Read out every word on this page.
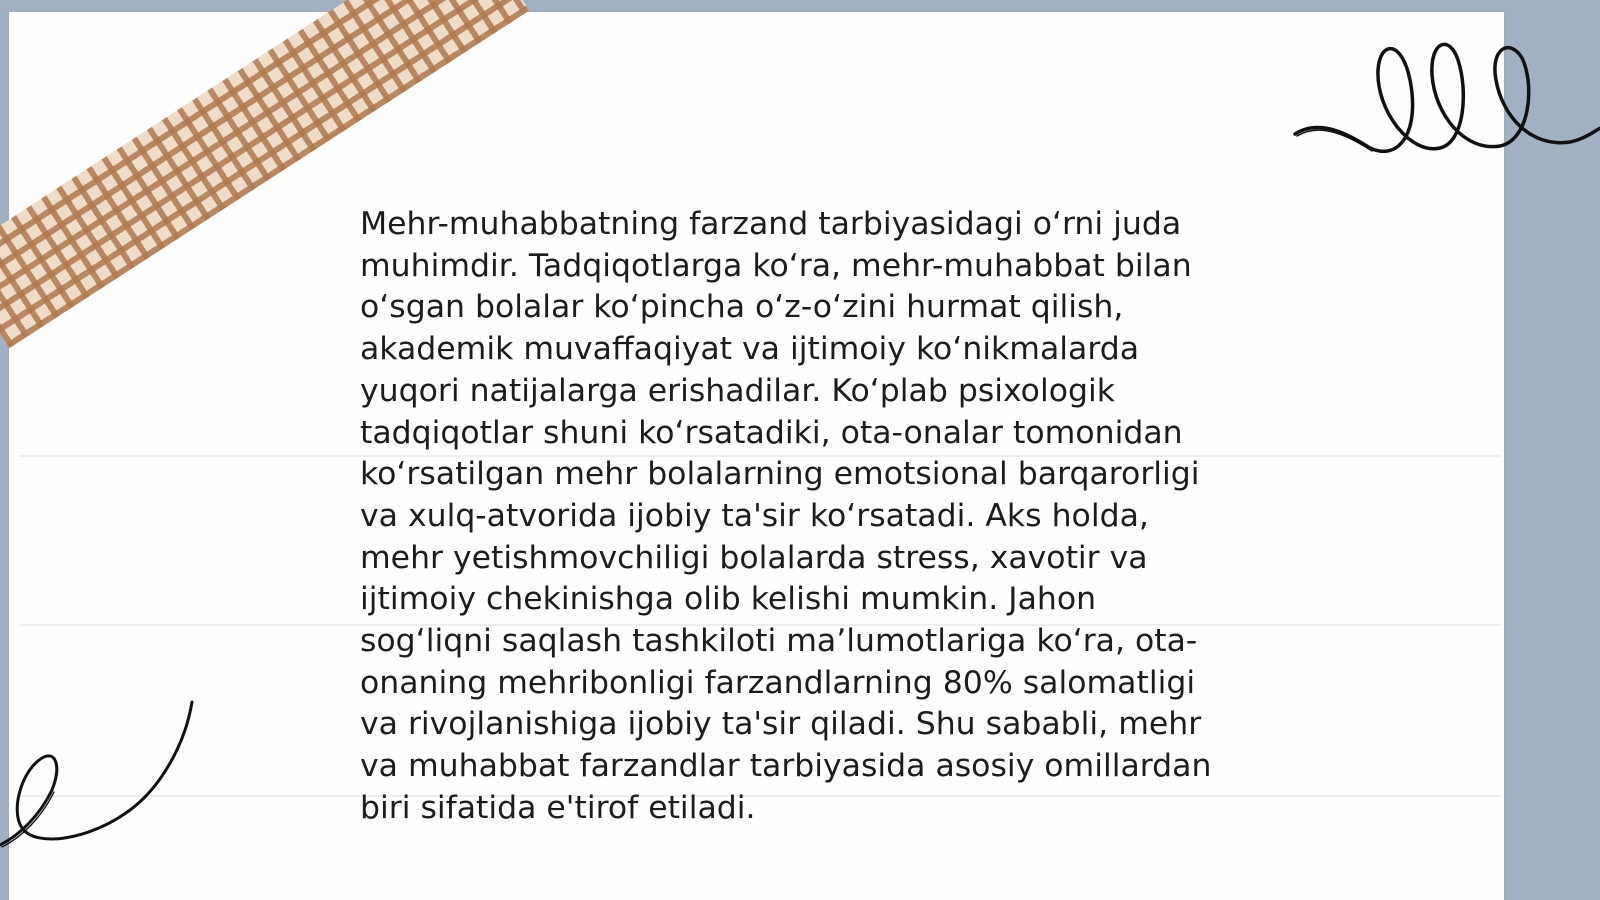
Mehr-muhabbatning farzand tarbiyasidagi o‘rni juda
muhimdir. Tadqiqotlarga ko‘ra, mehr-muhabbat bilan
o‘sgan bolalar ko‘pincha o‘z-o‘zini hurmat qilish,
akademik muvaffaqiyat va ijtimoiy ko‘nikmalarda
yuqori natijalarga erishadilar. Ko‘plab psixologik
tadqiqotlar shuni ko‘rsatadiki, ota-onalar tomonidan
ko‘rsatilgan mehr bolalarning emotsional barqarorligi
va xulq-atvorida ijobiy ta'sir ko‘rsatadi. Aks holda,
mehr yetishmovchiligi bolalarda stress, xavotir va
ijtimoiy chekinishga olib kelishi mumkin. Jahon
sog‘liqni saqlash tashkiloti ma’lumotlariga ko‘ra, ota-
onaning mehribonligi farzandlarning 80% salomatligi
va rivojlanishiga ijobiy ta'sir qiladi. Shu sababli, mehr
va muhabbat farzandlar tarbiyasida asosiy omillardan
biri sifatida e'tirof etiladi.
